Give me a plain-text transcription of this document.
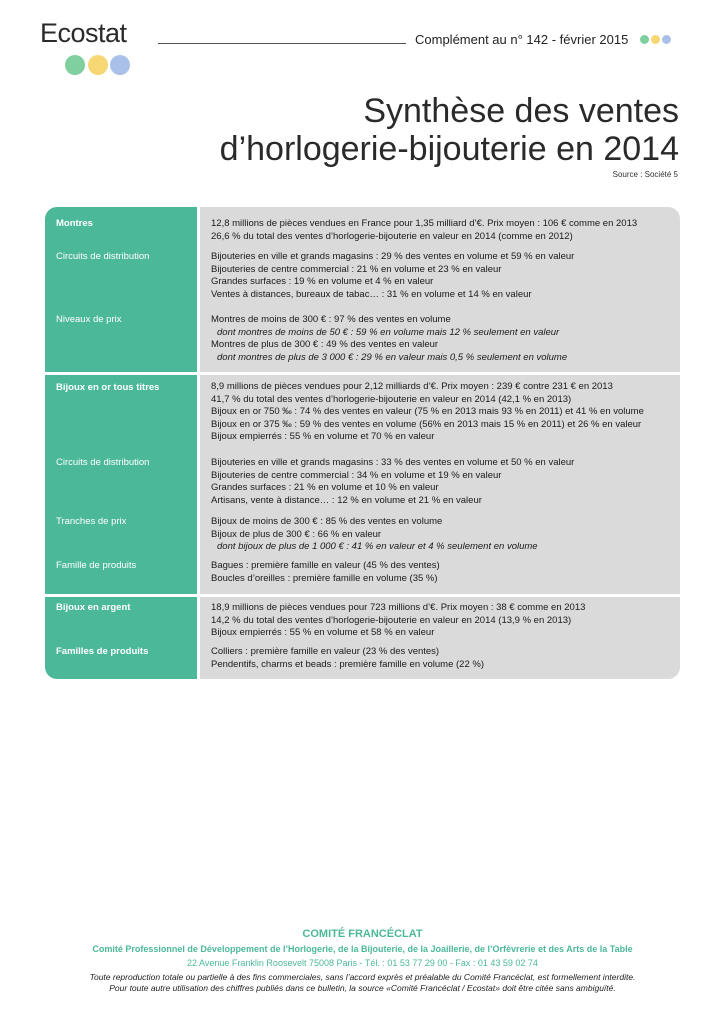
Ecostat	Complément au n° 142 - février 2015
Synthèse des ventes
d’horlogerie-bijouterie en 2014
Source : Société 5
Montres	12,8 millions de pièces vendues en France pour 1,35 milliard d’€. Prix moyen : 106 € comme en 2013
26,6 % du total des ventes d’horlogerie-bijouterie en valeur en 2014 (comme en 2012)
Circuits de distribution	Bijouteries en ville et grands magasins : 29 % des ventes en volume et 59 % en valeur
Bijouteries de centre commercial : 21 % en volume et 23 % en valeur
Grandes surfaces : 19 % en volume et 4 % en valeur
Ventes à distances, bureaux de tabac… : 31 % en volume et 14 % en valeur
Niveaux de prix	Montres de moins de 300 € : 97 % des ventes en volume
dont montres de moins de 50 € : 59 % en volume mais 12 % seulement en valeur
Montres de plus de 300 € : 49 % des ventes en valeur
dont montres de plus de 3 000 € : 29 % en valeur mais 0,5 % seulement en volume
Bijoux en or tous titres	8,9 millions de pièces vendues pour 2,12 milliards d’€. Prix moyen : 239 € contre 231 € en 2013
41,7 % du total des ventes d’horlogerie-bijouterie en valeur en 2014 (42,1 % en 2013)
Bijoux en or 750 ‰ : 74 % des ventes en valeur (75 % en 2013 mais 93 % en 2011) et 41 % en volume
Bijoux en or 375 ‰ : 59 % des ventes en volume (56% en 2013 mais 15 % en 2011) et 26 % en valeur
Bijoux empierrés : 55 % en volume et 70 % en valeur
Circuits de distribution	Bijouteries en ville et grands magasins : 33 % des ventes en volume et 50 % en valeur
Bijouteries de centre commercial : 34 % en volume et 19 % en valeur
Grandes surfaces : 21 % en volume et 10 % en valeur
Artisans, vente à distance… : 12 % en volume et 21 % en valeur
Tranches de prix	Bijoux de moins de 300 € : 85 % des ventes en volume
Bijoux de plus de 300 € : 66 % en valeur
dont bijoux de plus de 1 000 € : 41 % en valeur et 4 % seulement en volume
Famille de produits	Bagues : première famille en valeur (45 % des ventes)
Boucles d’oreilles : première famille en volume (35 %)
Bijoux en argent	18,9 millions de pièces vendues pour 723 millions d’€. Prix moyen : 38 € comme en 2013
14,2 % du total des ventes d’horlogerie-bijouterie en valeur en 2014 (13,9 % en 2013)
Bijoux empierrés : 55 % en volume et 58 % en valeur
Familles de produits	Colliers : première famille en valeur (23 % des ventes)
Pendentifs, charms et beads : première famille en volume (22 %)
COMITÉ FRANCÉCLAT
Comité Professionnel de Développement de l’Horlogerie, de la Bijouterie, de la Joaillerie, de l’Orfèvrerie et des Arts de la Table
22 Avenue Franklin Roosevelt 75008 Paris - Tél. : 01 53 77 29 00 - Fax : 01 43 59 02 74
Toute reproduction totale ou partielle à des fins commerciales, sans l’accord exprès et préalable du Comité Francéclat, est formellement interdite.
Pour toute autre utilisation des chiffres publiés dans ce bulletin, la source «Comité Francéclat / Ecostat» doit être citée sans ambiguïté.
